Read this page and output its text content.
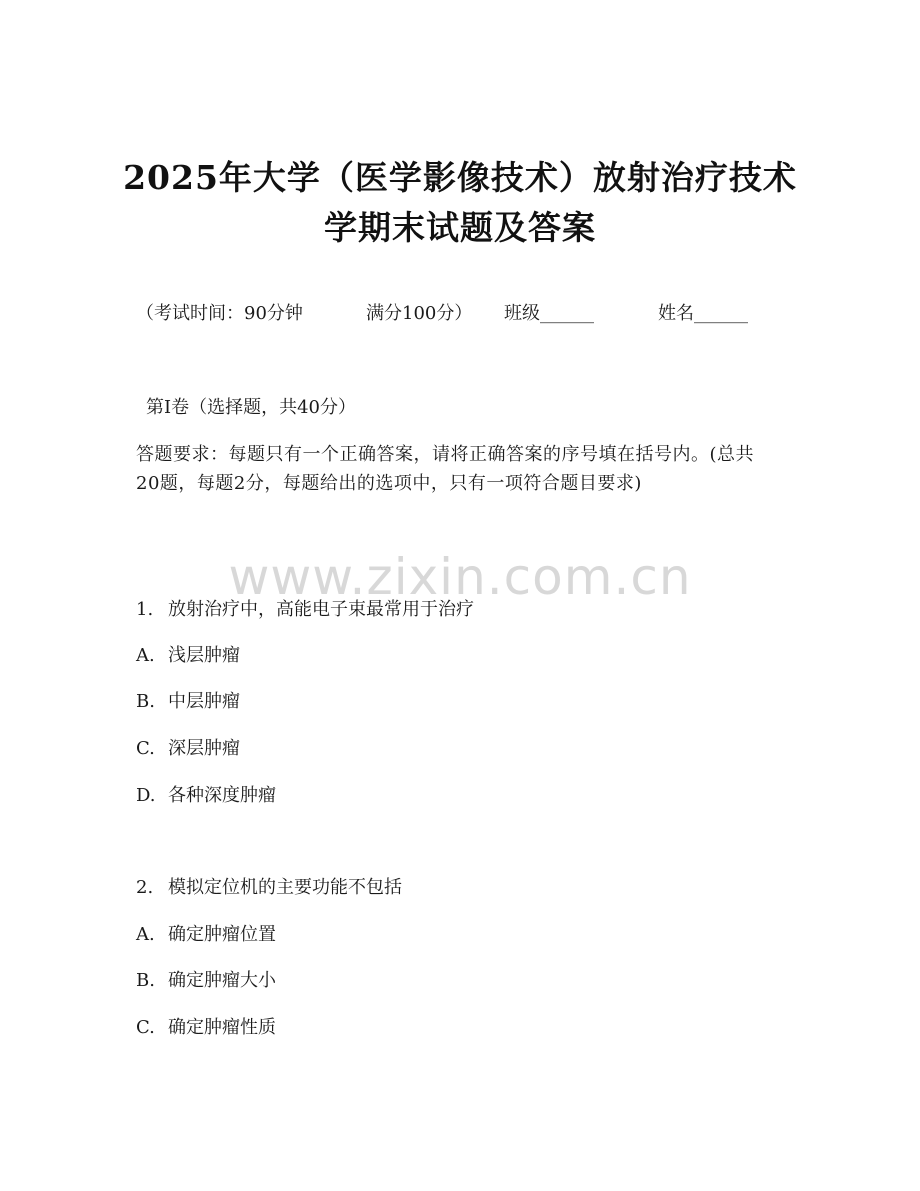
2025年大学（医学影像技术）放射治疗技术
学期末试题及答案
（考试时间：90分钟	满分100分） 班级______	姓名______
第I卷（选择题，共40分）
答题要求：每题只有一个正确答案，请将正确答案的序号填在括号内。(总共20题，每题2分，每题给出的选项中，只有一项符合题目要求)
www.zixin.com.cn
1. 放射治疗中，高能电子束最常用于治疗
A. 浅层肿瘤
B. 中层肿瘤
C. 深层肿瘤
D. 各种深度肿瘤
2. 模拟定位机的主要功能不包括
A. 确定肿瘤位置
B. 确定肿瘤大小
C. 确定肿瘤性质
